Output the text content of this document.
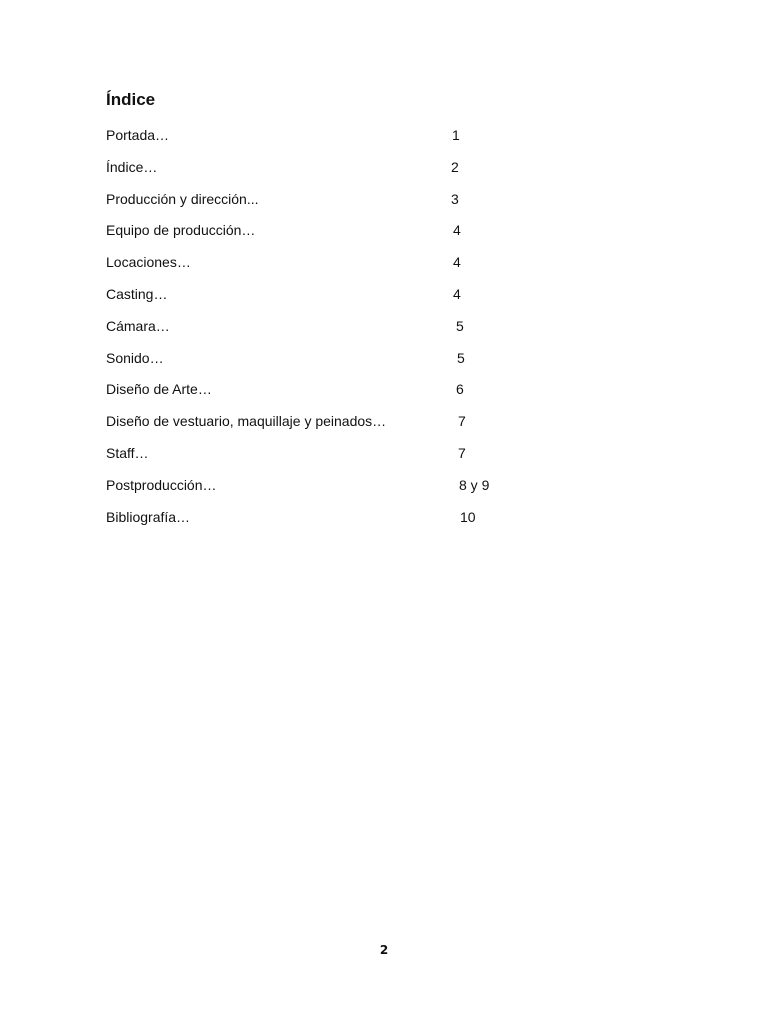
Índice
Portada…	1
Índice…	2
Producción y dirección...	3
Equipo de producción…	4
Locaciones…	4
Casting…	4
Cámara…	5
Sonido…	5
Diseño de Arte…	6
Diseño de vestuario, maquillaje y peinados…	7
Staff…	7
Postproducción…	8 y 9
Bibliografía…	10
2
